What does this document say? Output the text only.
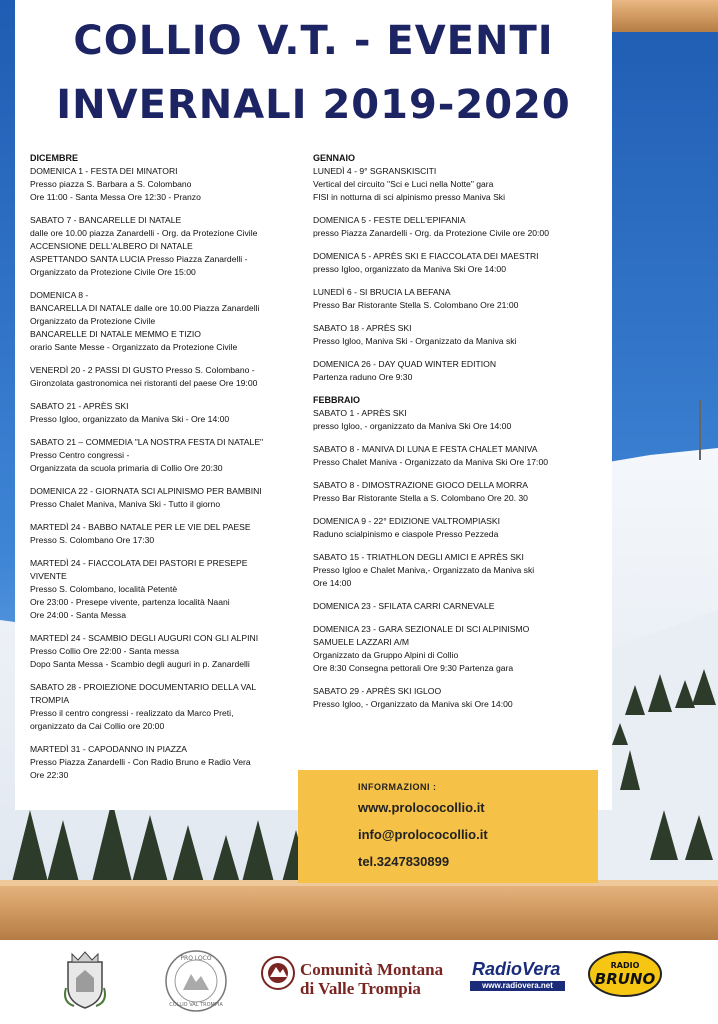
COLLIO V.T. - EVENTI
INVERNALI 2019-2020
DICEMBRE
DOMENICA 1 - FESTA DEI MINATORI
Presso piazza S. Barbara a S. Colombano
Ore 11:00 - Santa Messa Ore 12:30 - Pranzo
SABATO 7 - BANCARELLE DI NATALE
dalle ore 10.00 piazza Zanardelli - Org. da Protezione Civile
ACCENSIONE DELL'ALBERO DI NATALE
ASPETTANDO SANTA LUCIA Presso Piazza Zanardelli -
Organizzato da Protezione Civile Ore 15:00
DOMENICA 8 -
BANCARELLA DI NATALE dalle ore 10.00 Piazza Zanardelli
Organizzato da Protezione Civile
BANCARELLE DI NATALE MEMMO E TIZIO
orario Sante Messe - Organizzato da Protezione Civile
VENERDÌ 20 - 2 PASSI DI GUSTO Presso S. Colombano -
Gironzolata gastronomica nei ristoranti del paese Ore 19:00
SABATO 21 - APRÈS SKI
Presso Igloo, organizzato da Maniva Ski - Ore 14:00
SABATO 21 – COMMEDIA "LA NOSTRA FESTA DI NATALE"
Presso Centro congressi -
Organizzata da scuola primaria di Collio Ore 20:30
DOMENICA 22 - GIORNATA SCI ALPINISMO PER BAMBINI
Presso Chalet Maniva, Maniva Ski - Tutto il giorno
MARTEDÌ 24 - BABBO NATALE PER LE VIE DEL PAESE
Presso S. Colombano Ore 17:30
MARTEDÌ 24 - FIACCOLATA DEI PASTORI E PRESEPE
VIVENTE
Presso S. Colombano, località Petentè
Ore 23:00 - Presepe vivente, partenza località Naani
Ore 24:00 - Santa Messa
MARTEDÌ 24 - SCAMBIO DEGLI AUGURI CON GLI ALPINI
Presso Collio Ore 22:00 - Santa messa
Dopo Santa Messa - Scambio degli auguri in p. Zanardelli
SABATO 28 - PROIEZIONE DOCUMENTARIO DELLA VAL
TROMPIA
Presso il centro congressi - realizzato da Marco Preti,
organizzato da Cai Collio ore 20:00
MARTEDÌ 31 - CAPODANNO IN PIAZZA
Presso Piazza Zanardelli - Con Radio Bruno e Radio Vera
Ore 22:30
GENNAIO
LUNEDÌ 4 - 9° SGRANSKISCITI
Vertical del circuito "Sci e Luci nella Notte" gara
FISI in notturna di sci alpinismo presso Maniva Ski
DOMENICA 5 - FESTE DELL'EPIFANIA
presso Piazza Zanardelli - Org. da Protezione Civile ore 20:00
DOMENICA 5 - APRÈS SKI E FIACCOLATA DEI MAESTRI
presso Igloo, organizzato da Maniva Ski Ore 14:00
LUNEDÌ 6 - SI BRUCIA LA BEFANA
Presso Bar Ristorante Stella S. Colombano Ore 21:00
SABATO 18 - APRÈS SKI
Presso Igloo, Maniva Ski - Organizzato da Maniva ski
DOMENICA 26 - DAY QUAD WINTER EDITION
Partenza raduno Ore 9:30
FEBBRAIO
SABATO 1 - APRÈS SKI
presso Igloo, - organizzato da Maniva Ski Ore 14:00
SABATO 8 - MANIVA DI LUNA E FESTA CHALET MANIVA
Presso Chalet Maniva - Organizzato da Maniva Ski Ore 17:00
SABATO 8 - DIMOSTRAZIONE GIOCO DELLA MORRA
Presso Bar Ristorante Stella a S. Colombano Ore 20. 30
DOMENICA 9 - 22° EDIZIONE VALTROMPIASKI
Raduno scialpinismo e ciaspole Presso Pezzeda
SABATO 15 - TRIATHLON DEGLI AMICI E APRÈS SKI
Presso Igloo e Chalet Maniva,- Organizzato da Maniva ski
Ore 14:00
DOMENICA 23 - SFILATA CARRI CARNEVALE
DOMENICA 23 - GARA SEZIONALE DI SCI ALPINISMO
SAMUELE LAZZARI A/M
Organizzato da Gruppo Alpini di Collio
Ore 8:30 Consegna pettorali Ore 9:30 Partenza gara
SABATO 29 - APRÈS SKI IGLOO
Presso Igloo, - Organizzato da Maniva ski Ore 14:00
INFORMAZIONI :
www.prolococollio.it
info@prolococollio.it
tel.3247830899
PRO LOCO
COLLIO VAL TROMPIA
Comunità Montana
di Valle Trompia
RadioVera
www.radiovera.net
RADIO
BRUNO
